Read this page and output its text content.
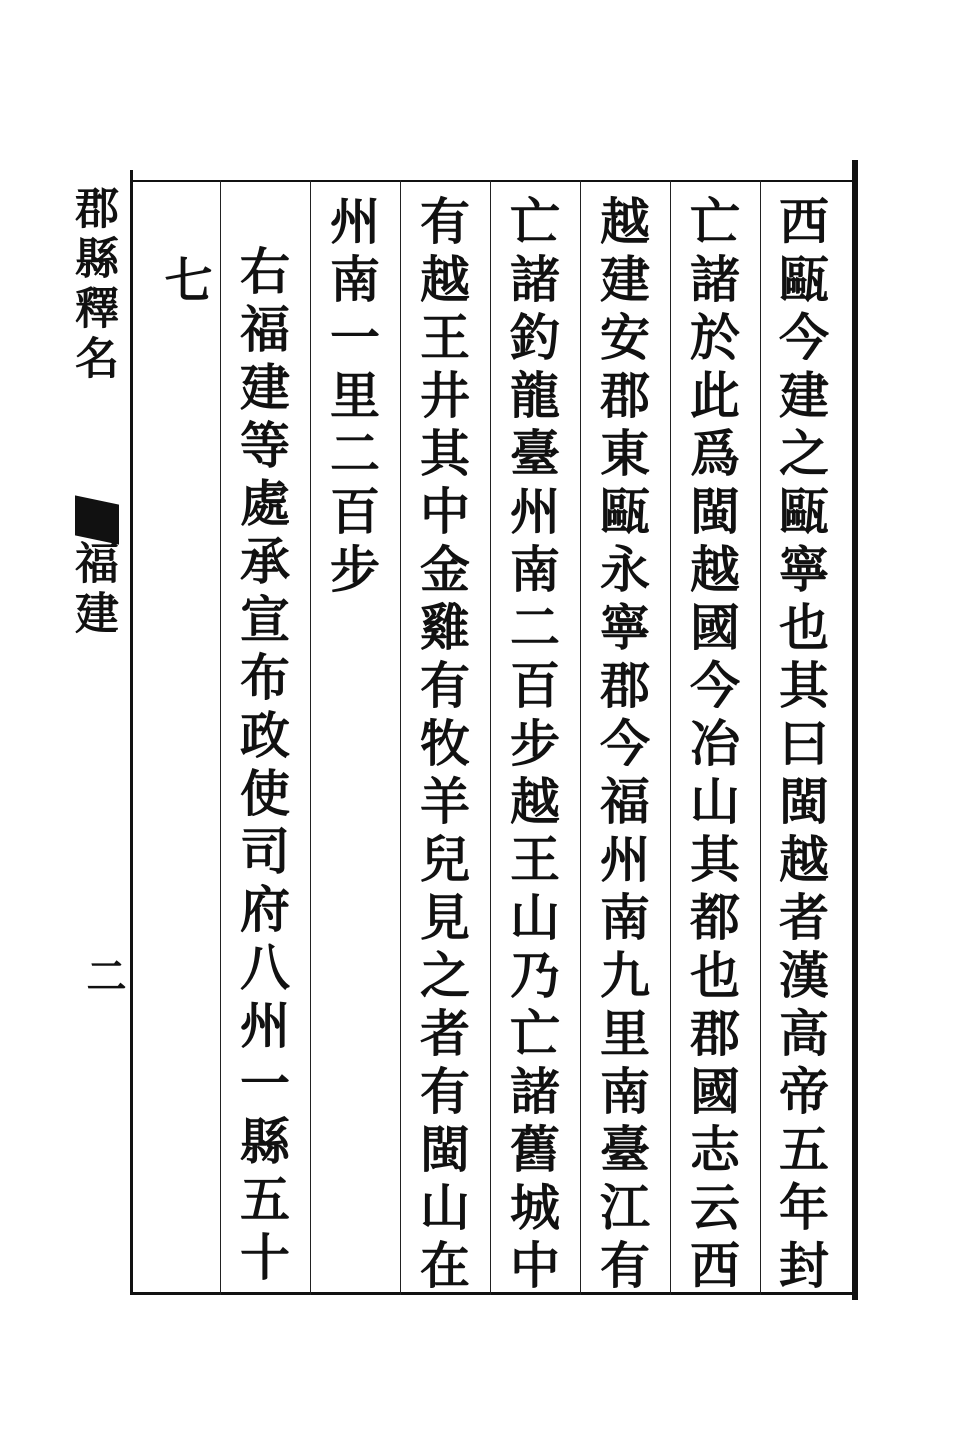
郡縣釋名
福建
二
七	西甌今建之甌寧也其曰閩越者漢高帝五年封
亡諸於此爲閩越國今冶山其都也郡國志云西
越建安郡東甌永寧郡今福州南九里南臺江有
亡諸釣龍臺州南二百步越王山乃亡諸舊城中
有越王井其中金雞有牧羊兒見之者有閩山在
州南一里二百步
右福建等處承宣布政使司府八州一縣五十
